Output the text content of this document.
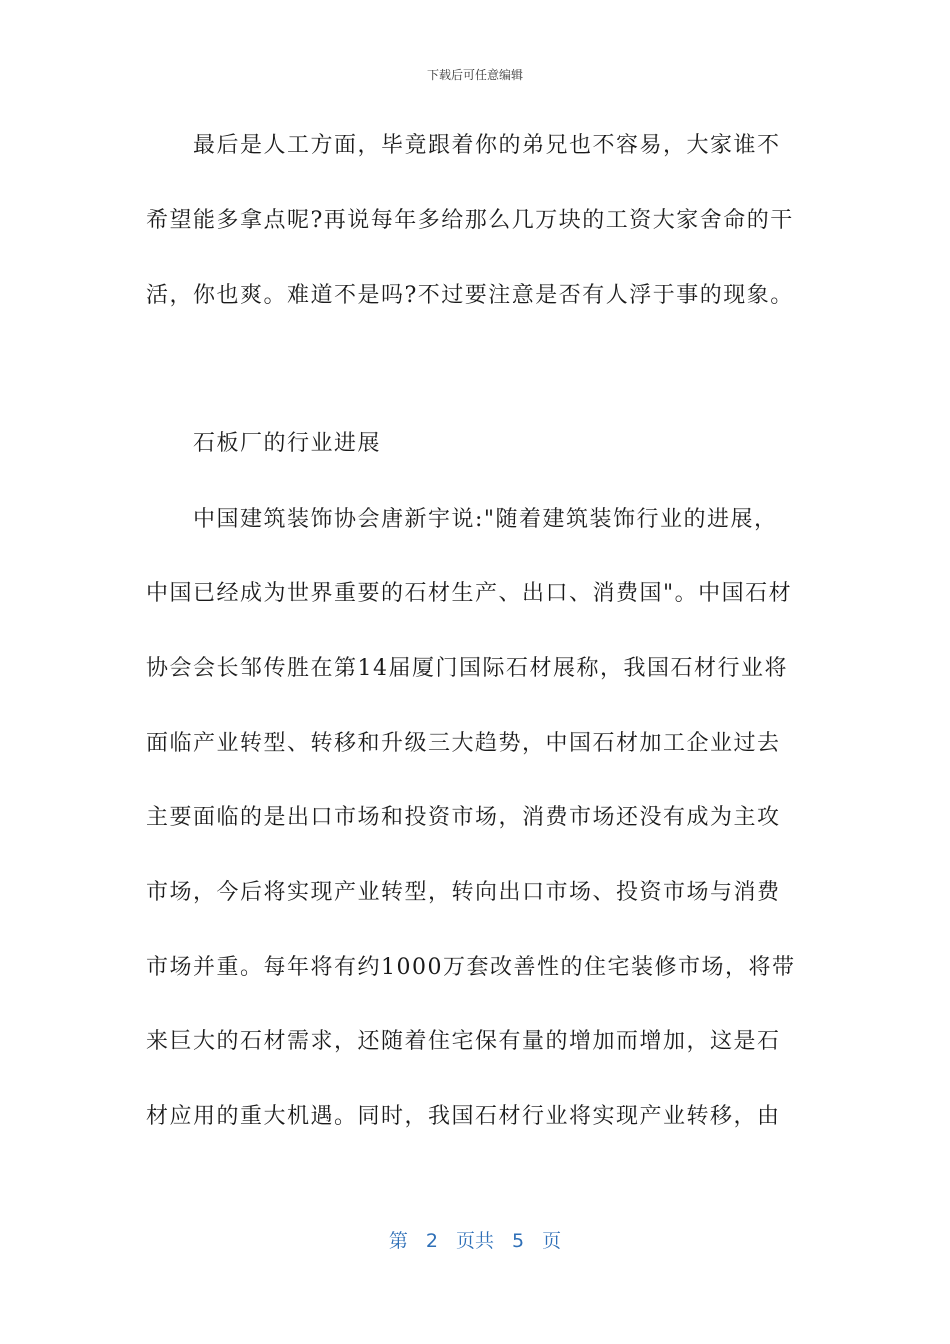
下载后可任意编辑
最后是人工方面，毕竟跟着你的弟兄也不容易，大家谁不
希望能多拿点呢?再说每年多给那么几万块的工资大家舍命的干
活，你也爽。难道不是吗?不过要注意是否有人浮于事的现象。
石板厂的行业进展
中国建筑装饰协会唐新宇说:"随着建筑装饰行业的进展，
中国已经成为世界重要的石材生产、出口、消费国"。中国石材
协会会长邹传胜在第14届厦门国际石材展称，我国石材行业将
面临产业转型、转移和升级三大趋势，中国石材加工企业过去
主要面临的是出口市场和投资市场，消费市场还没有成为主攻
市场，今后将实现产业转型，转向出口市场、投资市场与消费
市场并重。每年将有约1000万套改善性的住宅装修市场，将带
来巨大的石材需求，还随着住宅保有量的增加而增加，这是石
材应用的重大机遇。同时，我国石材行业将实现产业转移，由
第 2 页共 5 页
